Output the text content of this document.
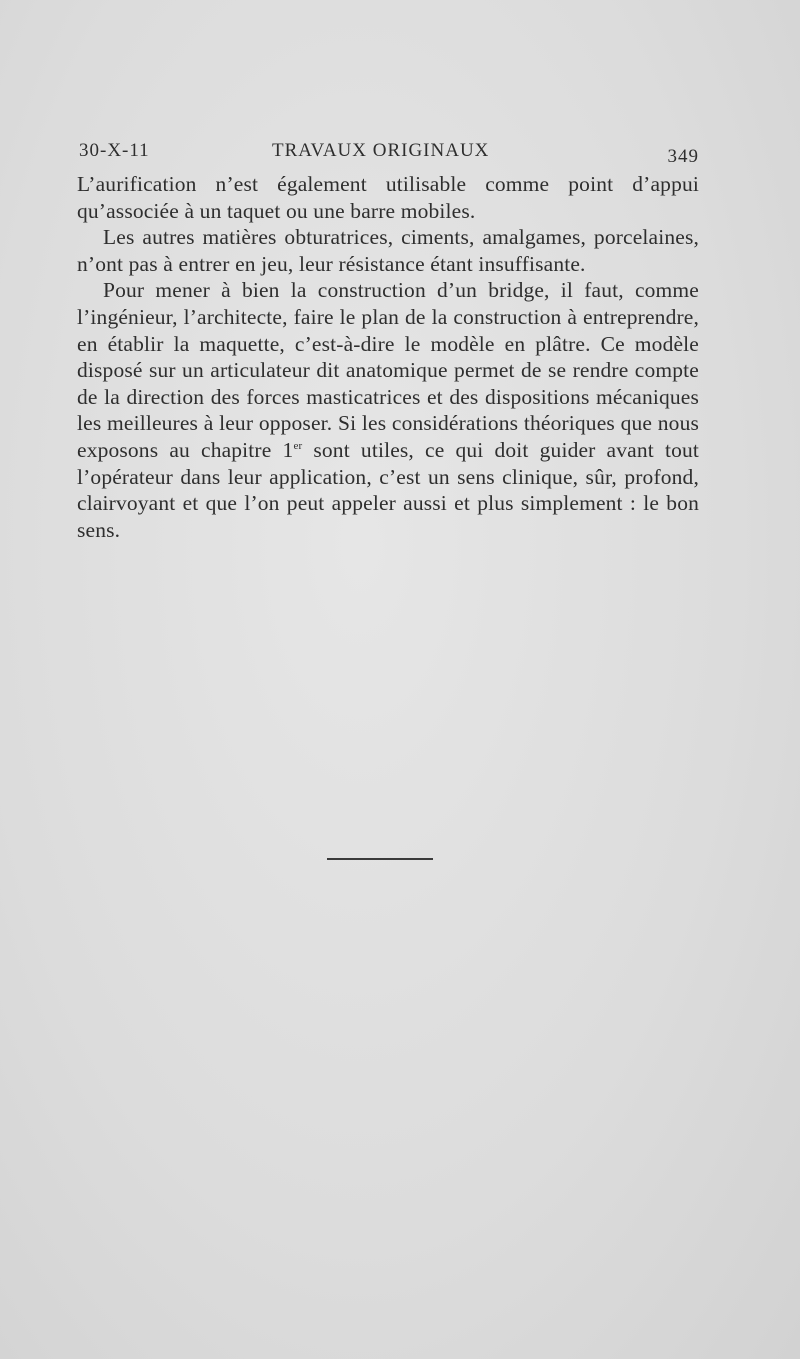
30-X-11	TRAVAUX ORIGINAUX	349

L’aurification n’est également utilisable comme point d’appui qu’associée à un taquet ou une barre mobiles.

Les autres matières obturatrices, ciments, amalgames, porcelaines, n’ont pas à entrer en jeu, leur résistance étant insuffisante.

Pour mener à bien la construction d’un bridge, il faut, comme l’ingénieur, l’architecte, faire le plan de la construction à entreprendre, en établir la maquette, c’est-à-dire le modèle en plâtre. Ce modèle disposé sur un articulateur dit anatomique permet de se rendre compte de la direction des forces masticatrices et des dispositions mécaniques les meilleures à leur opposer. Si les considérations théoriques que nous exposons au chapitre 1er sont utiles, ce qui doit guider avant tout l’opérateur dans leur application, c’est un sens clinique, sûr, profond, clairvoyant et que l’on peut appeler aussi et plus simplement : le bon sens.
